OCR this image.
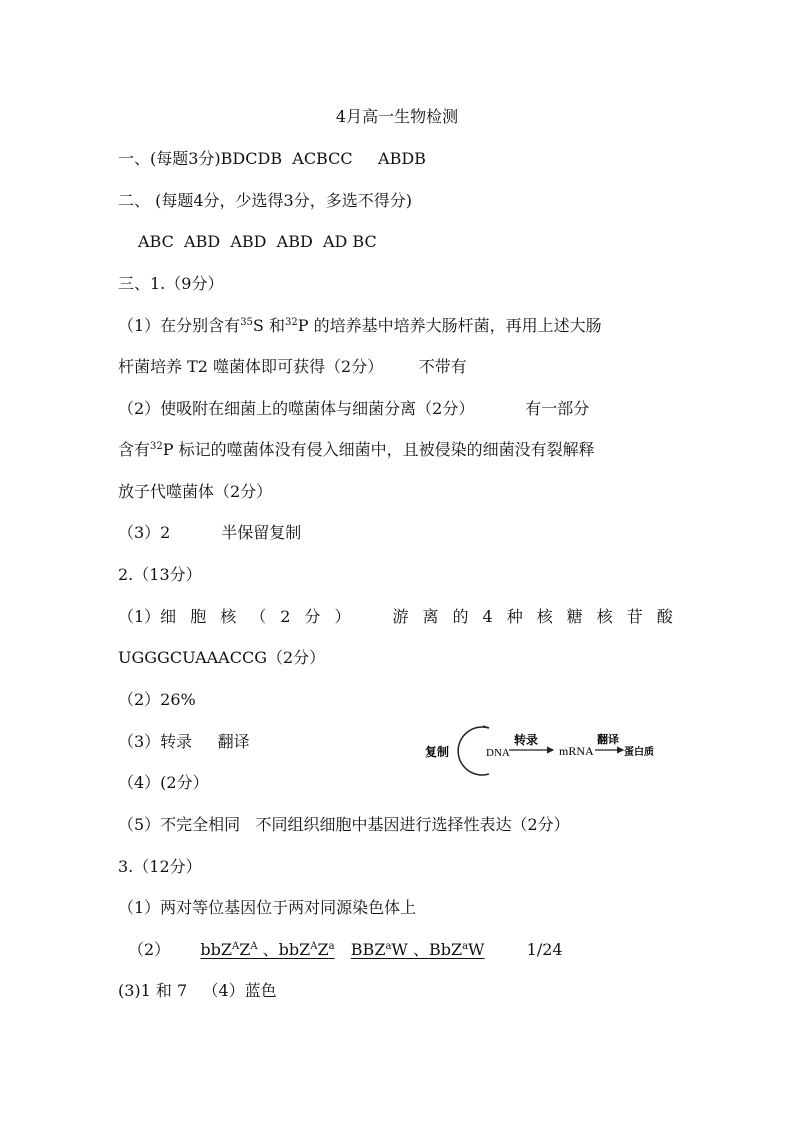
4月高一生物检测
一、(每题3分)BDCDB  ACBCC     ABDB
二、 (每题4分，少选得3分，多选不得分)
ABC  ABD  ABD  ABD  AD BC
三、1.（9分）
（1）在分别含有$^{35}$S 和$^{32}$P 的培养基中培养大肠杆菌，再用上述大肠
杆菌培养 T2 噬菌体即可获得（2分）       不带有
（2）使吸附在细菌上的噬菌体与细菌分离（2分）          有一部分
含有$^{32}$P 标记的噬菌体没有侵入细菌中，且被侵染的细菌没有裂解释
放子代噬菌体（2分）
（3）2          半保留复制
2.（13分）
（1）细 胞 核 （ 2 分 ）	游 离 的 4 种 核 糖 核 苷 酸
UGGGCUAAACCG（2分）
（2）26%
（3）转录     翻译
（4）(2分）
（5）不完全相同   不同组织细胞中基因进行选择性表达（2分）
复制	DNA
转录
mRNA
翻译
蛋白质
3.（12分）
（1）两对等位基因位于两对同源染色体上
（2） $bbZ^AZ^A$ 、$bbZ^AZ^a$ BBZ$^a$W 、BbZ$^a$W	1/24
(3)1 和 7   （4）蓝色
